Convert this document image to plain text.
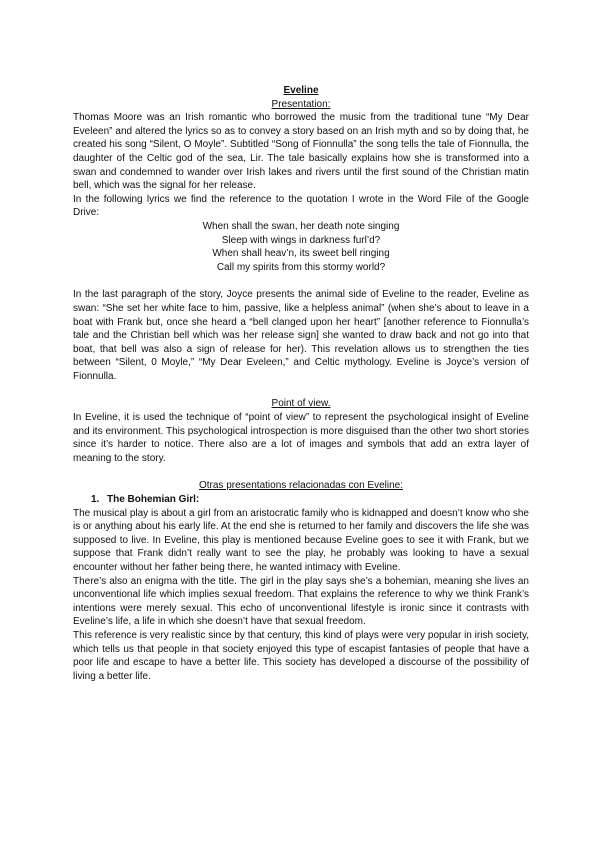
Eveline

Presentation:

Thomas Moore was an Irish romantic who borrowed the music from the traditional tune “My Dear Eveleen” and altered the lyrics so as to convey a story based on an Irish myth and so by doing that, he created his song “Silent, O Moyle”. Subtitled “Song of Fionnulla” the song tells the tale of Fionnulla, the daughter of the Celtic god of the sea, Lir. The tale basically explains how she is transformed into a swan and condemned to wander over Irish lakes and rivers until the first sound of the Christian matin bell, which was the signal for her release.

In the following lyrics we find the reference to the quotation I wrote in the Word File of the Google Drive:

When shall the swan, her death note singing
Sleep with wings in darkness furl’d?
When shall heav’n, its sweet bell ringing
Call my spirits from this stormy world?

In the last paragraph of the story, Joyce presents the animal side of Eveline to the reader, Eveline as swan: “She set her white face to him, passive, like a helpless animal” (when she’s about to leave in a boat with Frank but, once she heard a “bell clanged upon her heart” [another reference to Fionnulla’s tale and the Christian bell which was her release sign] she wanted to draw back and not go into that boat, that bell was also a sign of release for her). This revelation allows us to strengthen the ties between “Silent, 0 Moyle,” “My Dear Eveleen,” and Celtic mythology. Eveline is Joyce’s version of Fionnulla.

Point of view.

In Eveline, it is used the technique of “point of view” to represent the psychological insight of Eveline and its environment. This psychological introspection is more disguised than the other two short stories since it’s harder to notice. There also are a lot of images and symbols that add an extra layer of meaning to the story.

Otras presentations relacionadas con Eveline:

1. The Bohemian Girl:

The musical play is about a girl from an aristocratic family who is kidnapped and doesn’t know who she is or anything about his early life. At the end she is returned to her family and discovers the life she was supposed to live. In Eveline, this play is mentioned because Eveline goes to see it with Frank, but we suppose that Frank didn’t really want to see the play, he probably was looking to have a sexual encounter without her father being there, he wanted intimacy with Eveline.

There’s also an enigma with the title. The girl in the play says she’s a bohemian, meaning she lives an unconventional life which implies sexual freedom. That explains the reference to why we think Frank’s intentions were merely sexual. This echo of unconventional lifestyle is ironic since it contrasts with Eveline’s life, a life in which she doesn’t have that sexual freedom.

This reference is very realistic since by that century, this kind of plays were very popular in irish society, which tells us that people in that society enjoyed this type of escapist fantasies of people that have a poor life and escape to have a better life. This society has developed a discourse of the possibility of living a better life.
